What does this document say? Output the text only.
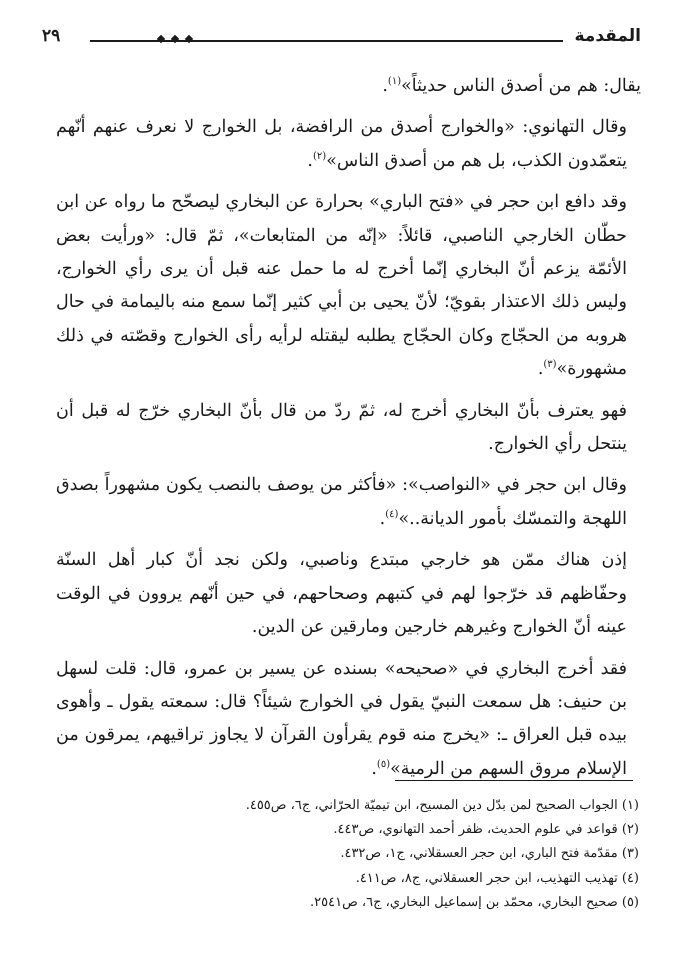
٢٩	المقدمة

يقال: هم من أصدق الناس حديثاً»$^{(١)}$.

وقال التهانوي: «والخوارج أصدق من الرافضة، بل الخوارج لا نعرف عنهم أنّهم يتعمّدون الكذب، بل هم من أصدق الناس»$^{(٢)}$.

وقد دافع ابن حجر في «فتح الباري» بحرارة عن البخاري ليصحّح ما رواه عن ابن حطّان الخارجي الناصبي، قائلاً: «إنّه من المتابعات»، ثمّ قال: «ورأيت بعض الأئمّة يزعم أنّ البخاري إنّما أخرج له ما حمل عنه قبل أن يرى رأي الخوارج، وليس ذلك الاعتذار بقويّ؛ لأنّ يحيى بن أبي كثير إنّما سمع منه باليمامة في حال هروبه من الحجّاج وكان الحجّاج يطلبه ليقتله لرأيه رأى الخوارج وقصّته في ذلك مشهورة»$^{(٣)}$.

فهو يعترف بأنّ البخاري أخرج له، ثمّ ردّ من قال بأنّ البخاري خرّج له قبل أن ينتحل رأي الخوارج.

وقال ابن حجر في «النواصب»: «فأكثر من يوصف بالنصب يكون مشهوراً بصدق اللهجة والتمسّك بأمور الديانة..»$^{(٤)}$.

إذن هناك ممّن هو خارجي مبتدع وناصبي، ولكن نجد أنّ كبار أهل السنّة وحفّاظهم قد خرّجوا لهم في كتبهم وصحاحهم، في حين أنّهم يروون في الوقت عينه أنّ الخوارج وغيرهم خارجين ومارقين عن الدين.

فقد أخرج البخاري في «صحيحه» بسنده عن يسير بن عمرو، قال: قلت لسهل بن حنيف: هل سمعت النبيّ يقول في الخوارج شيئاً؟ قال: سمعته يقول ـ وأهوى بيده قبل العراق ـ: «يخرج منه قوم يقرأون القرآن لا يجاوز تراقيهم، يمرقون من الإسلام مروق السهم من الرمية»$^{(٥)}$.

(١) الجواب الصحيح لمن بدّل دين المسيح، ابن تيميّة الحرّاني، ج٦، ص٤٥٥.
(٢) قواعد في علوم الحديث، ظفر أحمد التهانوي، ص٤٤٣.
(٣) مقدّمة فتح الباري، ابن حجر العسقلاني، ج١، ص٤٣٢.
(٤) تهذيب التهذيب، ابن حجر العسقلاني، ج٨، ص٤١١.
(٥) صحيح البخاري، محمّد بن إسماعيل البخاري، ج٦، ص٢٥٤١.
